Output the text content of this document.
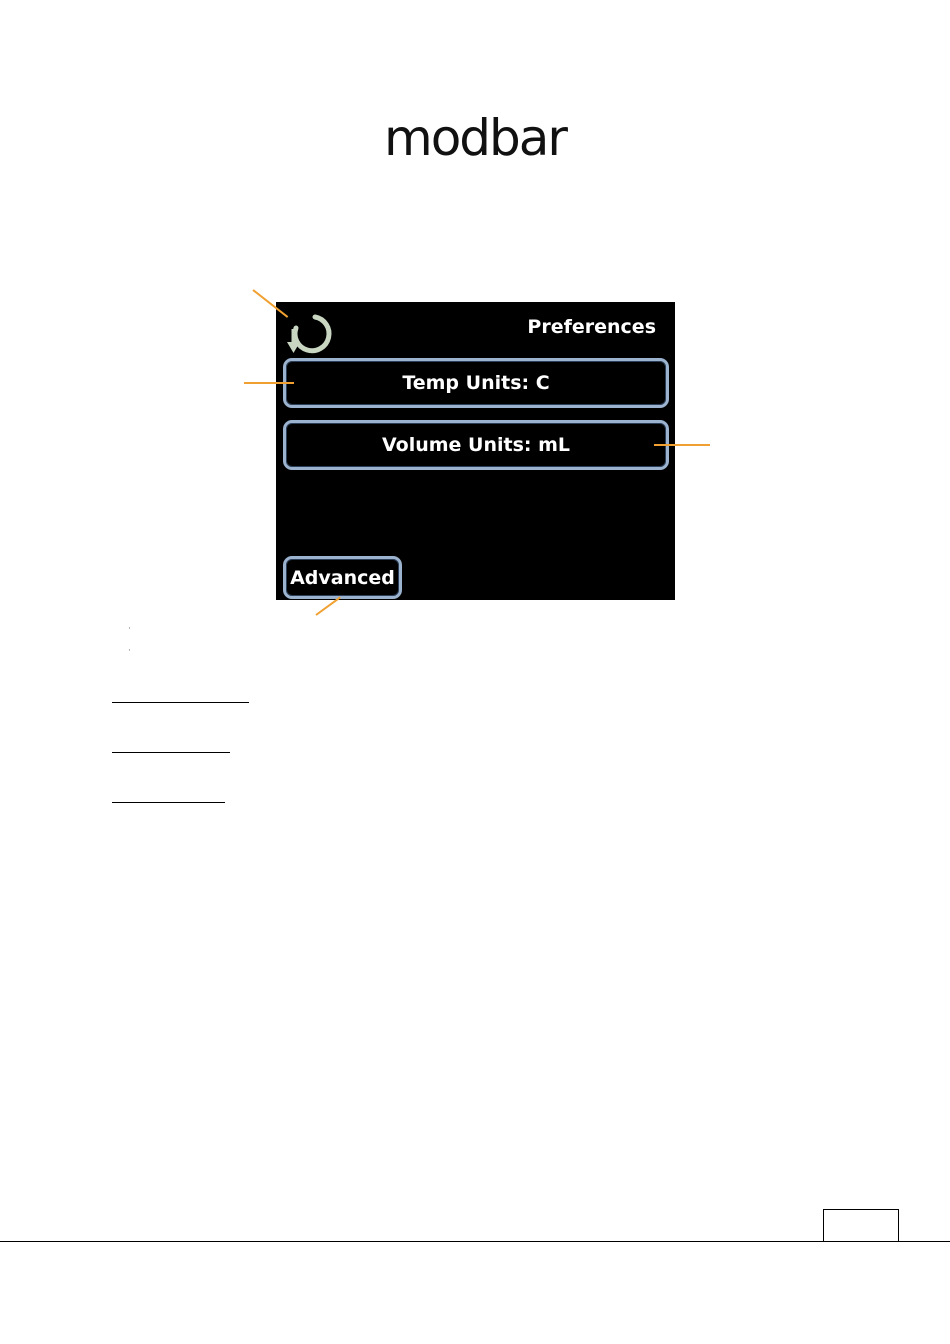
modbar
Preferences
Temp Units: C
Volume Units: mL
Advanced
·
·
